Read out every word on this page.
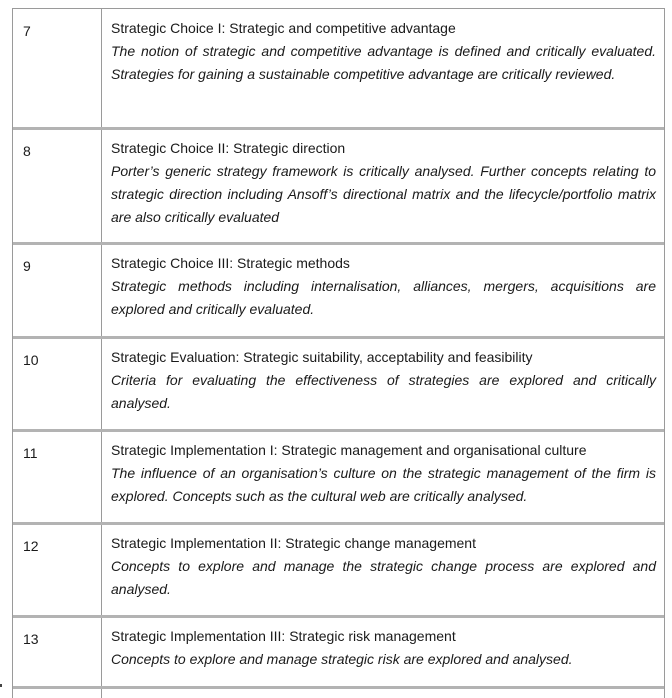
7	Strategic Choice I: Strategic and competitive advantage
The notion of strategic and competitive advantage is defined and critically evaluated. Strategies for gaining a sustainable competitive advantage are critically reviewed.
8	Strategic Choice II: Strategic direction
Porter’s generic strategy framework is critically analysed. Further concepts relating to strategic direction including Ansoff’s directional matrix and the lifecycle/portfolio matrix are also critically evaluated
9	Strategic Choice III: Strategic methods
Strategic methods including internalisation, alliances, mergers, acquisitions are explored and critically evaluated.
10	Strategic Evaluation: Strategic suitability, acceptability and feasibility
Criteria for evaluating the effectiveness of strategies are explored and critically analysed.
11	Strategic Implementation I: Strategic management and organisational culture
The influence of an organisation’s culture on the strategic management of the firm is explored. Concepts such as the cultural web are critically analysed.
12	Strategic Implementation II: Strategic change management
Concepts to explore and manage the strategic change process are explored and analysed.
13	Strategic Implementation III: Strategic risk management
Concepts to explore and manage strategic risk are explored and analysed.
